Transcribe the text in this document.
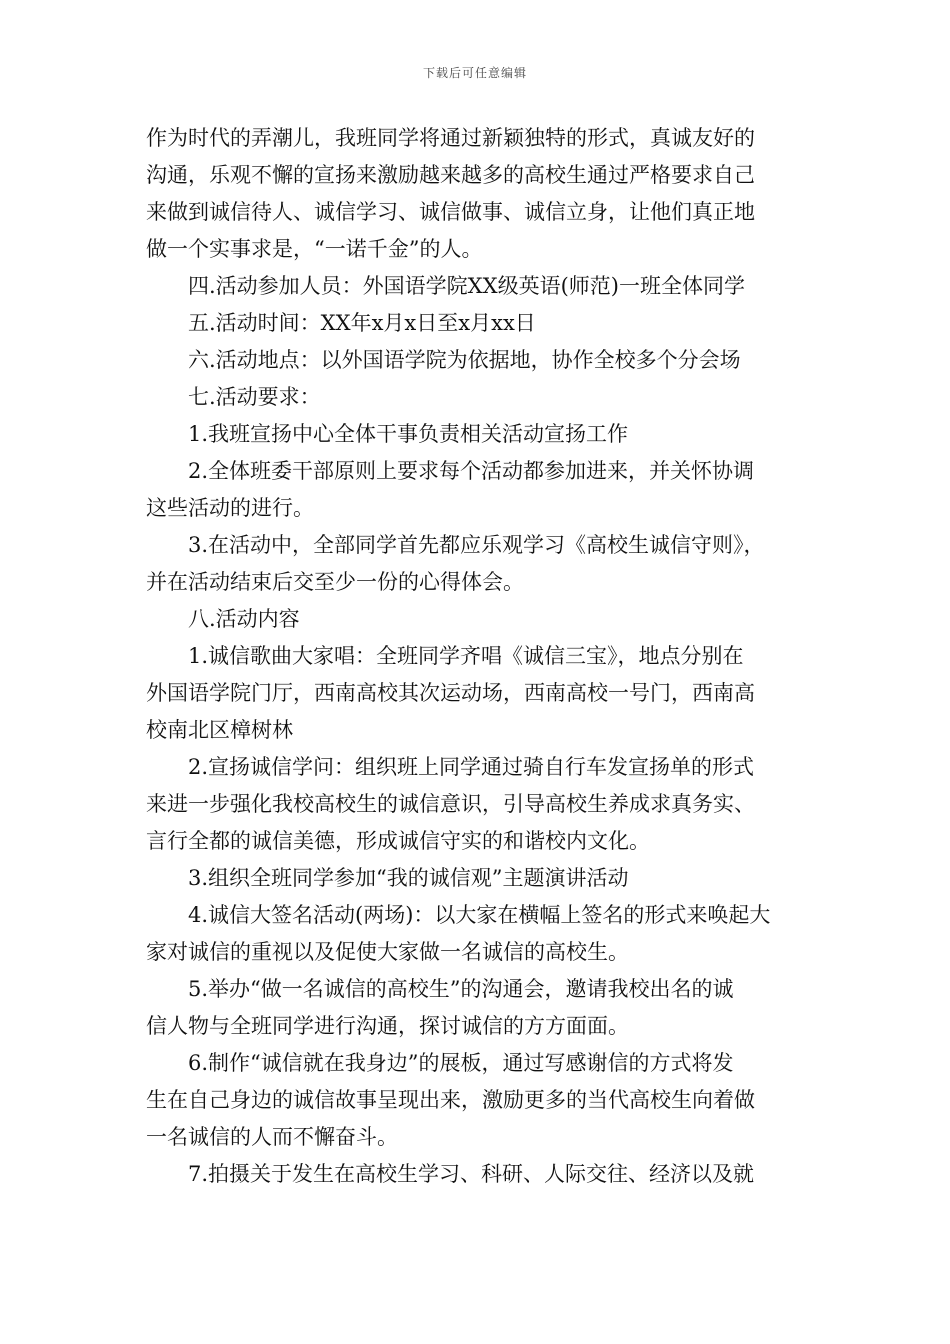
下载后可任意编辑
作为时代的弄潮儿，我班同学将通过新颖独特的形式，真诚友好的
沟通，乐观不懈的宣扬来激励越来越多的高校生通过严格要求自己
来做到诚信待人、诚信学习、诚信做事、诚信立身，让他们真正地
做一个实事求是，“一诺千金”的人。
四.活动参加人员：外国语学院XX级英语(师范)一班全体同学
五.活动时间：XX年x月x日至x月xx日
六.活动地点：以外国语学院为依据地，协作全校多个分会场
七.活动要求：
1.我班宣扬中心全体干事负责相关活动宣扬工作
2.全体班委干部原则上要求每个活动都参加进来，并关怀协调
这些活动的进行。
3.在活动中，全部同学首先都应乐观学习《高校生诚信守则》，
并在活动结束后交至少一份的心得体会。
八.活动内容
1.诚信歌曲大家唱：全班同学齐唱《诚信三宝》，地点分别在
外国语学院门厅，西南高校其次运动场，西南高校一号门，西南高
校南北区樟树林
2.宣扬诚信学问：组织班上同学通过骑自行车发宣扬单的形式
来进一步强化我校高校生的诚信意识，引导高校生养成求真务实、
言行全都的诚信美德，形成诚信守实的和谐校内文化。
3.组织全班同学参加“我的诚信观”主题演讲活动
4.诚信大签名活动(两场)：以大家在横幅上签名的形式来唤起大
家对诚信的重视以及促使大家做一名诚信的高校生。
5.举办“做一名诚信的高校生”的沟通会，邀请我校出名的诚
信人物与全班同学进行沟通，探讨诚信的方方面面。
6.制作“诚信就在我身边”的展板，通过写感谢信的方式将发
生在自己身边的诚信故事呈现出来，激励更多的当代高校生向着做
一名诚信的人而不懈奋斗。
7.拍摄关于发生在高校生学习、科研、人际交往、经济以及就
